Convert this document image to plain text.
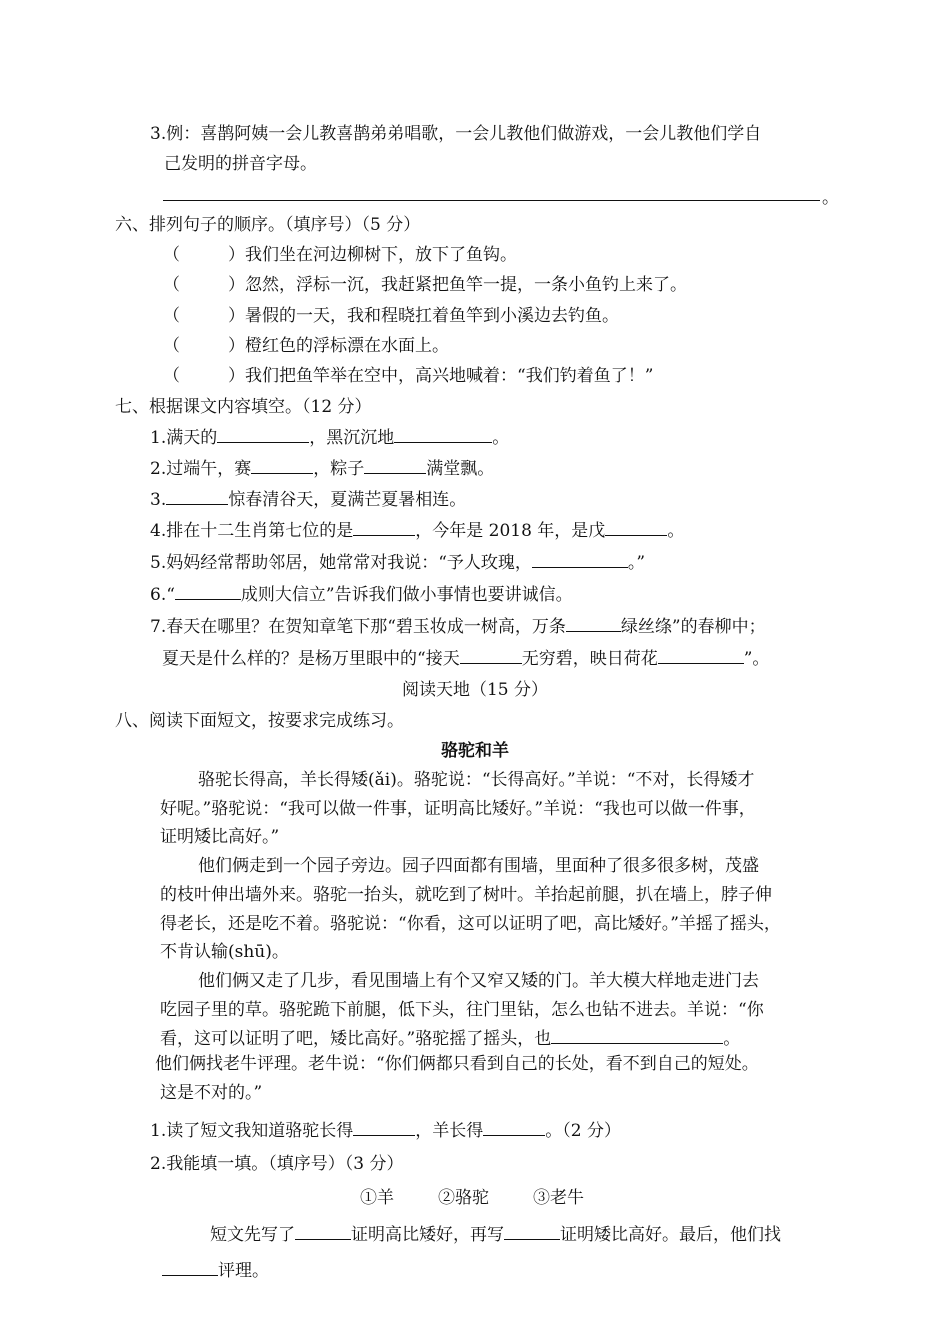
3.例：喜鹊阿姨一会儿教喜鹊弟弟唱歌，一会儿教他们做游戏，一会儿教他们学自
己发明的拼音字母。
。
六、排列句子的顺序。（填序号）（5 分）
（	）我们坐在河边柳树下，放下了鱼钩。
（	）忽然，浮标一沉，我赶紧把鱼竿一提，一条小鱼钓上来了。
（	）暑假的一天，我和程晓扛着鱼竿到小溪边去钓鱼。
（	）橙红色的浮标漂在水面上。
（	）我们把鱼竿举在空中，高兴地喊着：“我们钓着鱼了！”
七、根据课文内容填空。（12 分）
1.满天的	，黑沉沉地	。
2.过端午，赛	，粽子	满堂飘。
3.	惊春清谷天，夏满芒夏暑相连。
4.排在十二生肖第七位的是	，今年是 2018 年，是戊	。
5.妈妈经常帮助邻居，她常常对我说：“予人玫瑰，	。”
6.“	成则大信立”告诉我们做小事情也要讲诚信。
7.春天在哪里？在贺知章笔下那“碧玉妆成一树高，万条	绿丝绦”的春柳中；
夏天是什么样的？是杨万里眼中的“接天	无穷碧，映日荷花	”。
阅读天地（15 分）
八、阅读下面短文，按要求完成练习。
骆驼和羊
骆驼长得高，羊长得矮(ǎi)。骆驼说：“长得高好。”羊说：“不对，长得矮才
好呢。”骆驼说：“我可以做一件事，证明高比矮好。”羊说：“我也可以做一件事，
证明矮比高好。”
他们俩走到一个园子旁边。园子四面都有围墙，里面种了很多很多树，茂盛
的枝叶伸出墙外来。骆驼一抬头，就吃到了树叶。羊抬起前腿，扒在墙上，脖子伸
得老长，还是吃不着。骆驼说：“你看，这可以证明了吧，高比矮好。”羊摇了摇头，
不肯认输(shū)。
他们俩又走了几步，看见围墙上有个又窄又矮的门。羊大模大样地走进门去
吃园子里的草。骆驼跪下前腿，低下头，往门里钻，怎么也钻不进去。羊说：“你
看，这可以证明了吧，矮比高好。”骆驼摇了摇头，也	。
他们俩找老牛评理。老牛说：“你们俩都只看到自己的长处，看不到自己的短处。
这是不对的。”
1.读了短文我知道骆驼长得	，羊长得	。（2 分）
2.我能填一填。（填序号）（3 分）
①羊	②骆驼	③老牛
短文先写了	证明高比矮好，再写	证明矮比高好。最后，他们找
评理。
